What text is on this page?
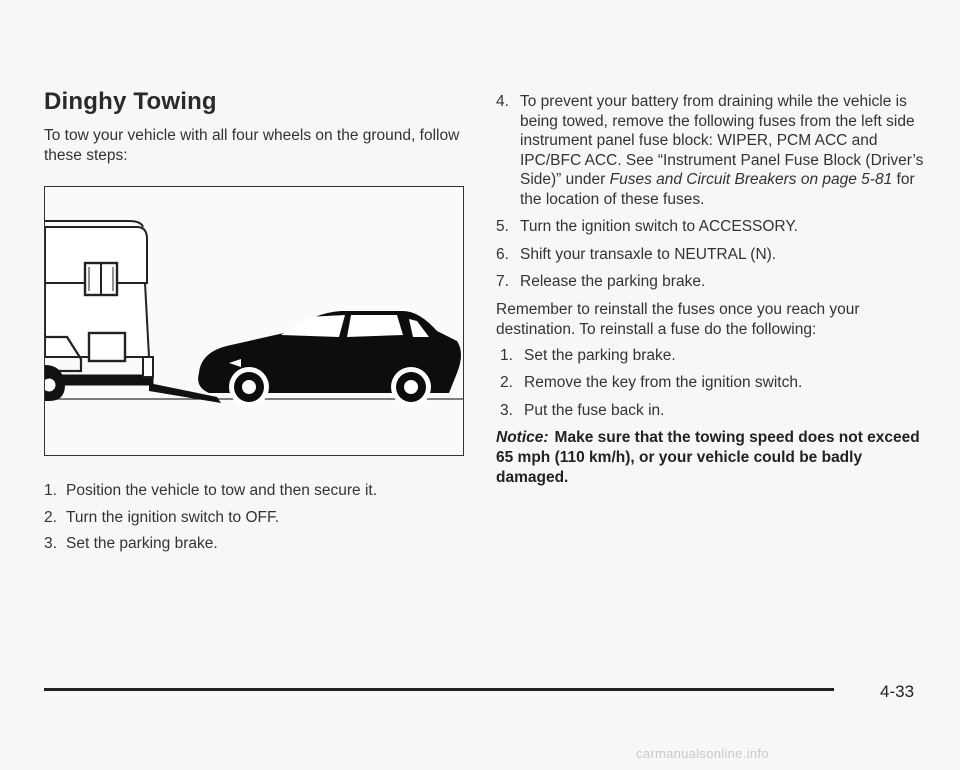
Dinghy Towing

To tow your vehicle with all four wheels on the ground, follow these steps:

1. Position the vehicle to tow and then secure it.
2. Turn the ignition switch to OFF.
3. Set the parking brake.
4. To prevent your battery from draining while the vehicle is being towed, remove the following fuses from the left side instrument panel fuse block: WIPER, PCM ACC and IPC/BFC ACC. See “Instrument Panel Fuse Block (Driver’s Side)” under Fuses and Circuit Breakers on page 5-81 for the location of these fuses.
5. Turn the ignition switch to ACCESSORY.
6. Shift your transaxle to NEUTRAL (N).
7. Release the parking brake.

Remember to reinstall the fuses once you reach your destination. To reinstall a fuse do the following:

1. Set the parking brake.
2. Remove the key from the ignition switch.
3. Put the fuse back in.

Notice: Make sure that the towing speed does not exceed 65 mph (110 km/h), or your vehicle could be badly damaged.

4-33
carmanualsonline.info
